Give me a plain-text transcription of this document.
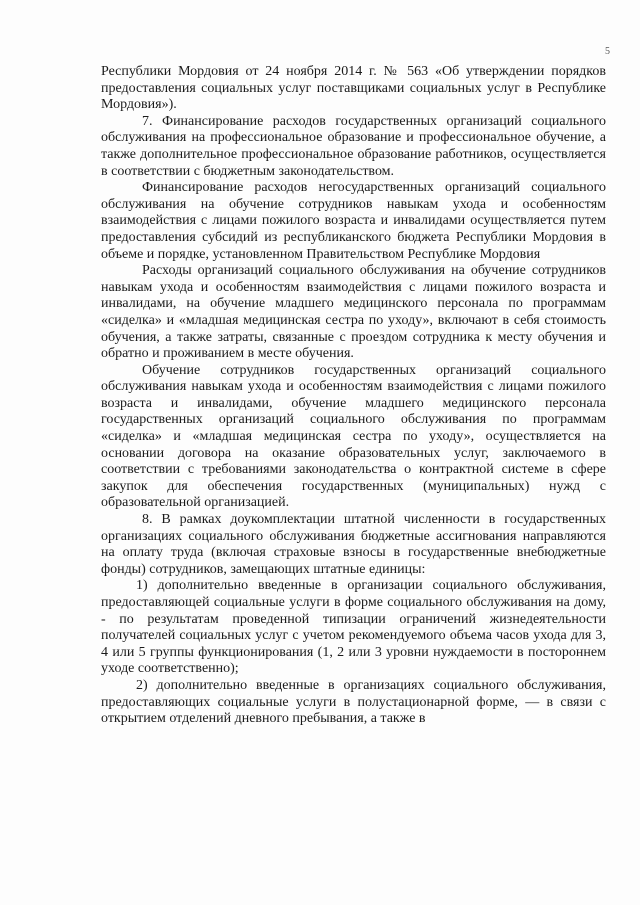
5

Республики Мордовия от 24 ноября 2014 г. № 563 «Об утверждении порядков предоставления социальных услуг поставщиками социальных услуг в Республике Мордовия»).

7. Финансирование расходов государственных организаций социального обслуживания на профессиональное образование и профессиональное обучение, а также дополнительное профессиональное образование работников, осуществляется в соответствии с бюджетным законодательством.

Финансирование расходов негосударственных организаций социального обслуживания на обучение сотрудников навыкам ухода и особенностям взаимодействия с лицами пожилого возраста и инвалидами осуществляется путем предоставления субсидий из республиканского бюджета Республики Мордовия в объеме и порядке, установленном Правительством Республике Мордовия

Расходы организаций социального обслуживания на обучение сотрудников навыкам ухода и особенностям взаимодействия с лицами пожилого возраста и инвалидами, на обучение младшего медицинского персонала по программам «сиделка» и «младшая медицинская сестра по уходу», включают в себя стоимость обучения, а также затраты, связанные с проездом сотрудника к месту обучения и обратно и проживанием в месте обучения.

Обучение сотрудников государственных организаций социального обслуживания навыкам ухода и особенностям взаимодействия с лицами пожилого возраста и инвалидами, обучение младшего медицинского персонала государственных организаций социального обслуживания по программам «сиделка» и «младшая медицинская сестра по уходу», осуществляется на основании договора на оказание образовательных услуг, заключаемого в соответствии с требованиями законодательства о контрактной системе в сфере закупок для обеспечения государственных (муниципальных) нужд с образовательной организацией.

8. В рамках доукомплектации штатной численности в государственных организациях социального обслуживания бюджетные ассигнования направляются на оплату труда (включая страховые взносы в государственные внебюджетные фонды) сотрудников, замещающих штатные единицы:

1) дополнительно введенные в организации социального обслуживания, предоставляющей социальные услуги в форме социального обслуживания на дому, - по результатам проведенной типизации ограничений жизнедеятельности получателей социальных услуг с учетом рекомендуемого объема часов ухода для 3, 4 или 5 группы функционирования (1, 2 или 3 уровни нуждаемости в постороннем уходе соответственно);

2) дополнительно введенные в организациях социального обслуживания, предоставляющих социальные услуги в полустационарной форме, — в связи с открытием отделений дневного пребывания, а также в
